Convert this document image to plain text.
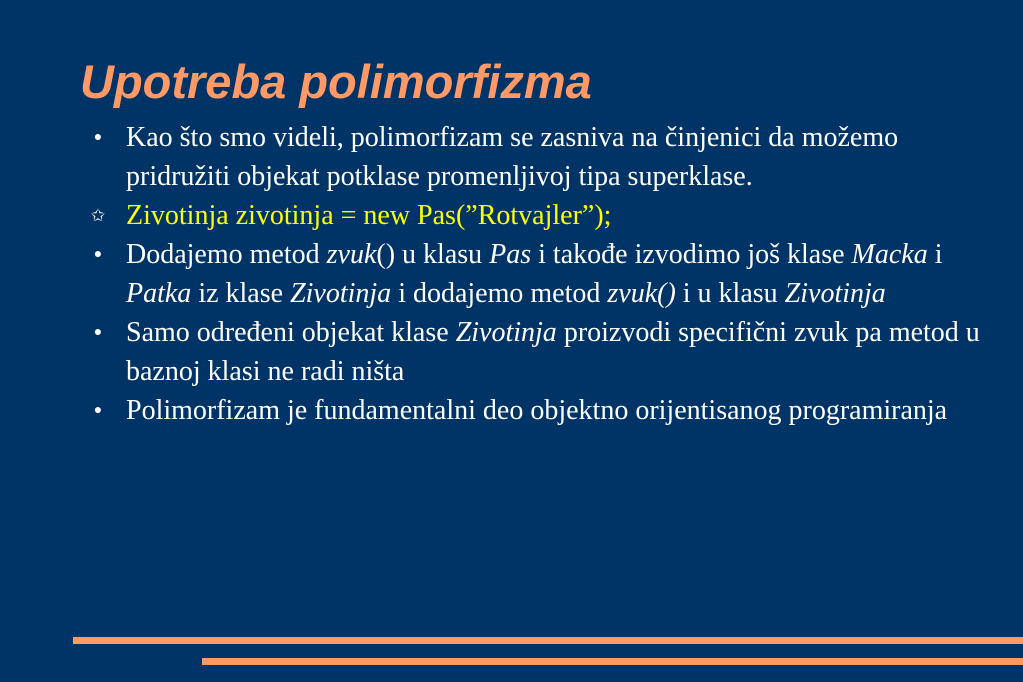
Upotreba polimorfizma
● Kao što smo videli, polimorfizam se zasniva na činjenici da možemo pridružiti objekat potklase promenljivoj tipa superklase.
✩ Zivotinja zivotinja = new Pas(”Rotvajler”);
● Dodajemo metod zvuk() u klasu Pas i takođe izvodimo još klase Macka i Patka iz klase Zivotinja i dodajemo metod zvuk() i u klasu Zivotinja
● Samo određeni objekat klase Zivotinja proizvodi specifični zvuk pa metod u baznoj klasi ne radi ništa
● Polimorfizam je fundamentalni deo objektno orijentisanog programiranja
